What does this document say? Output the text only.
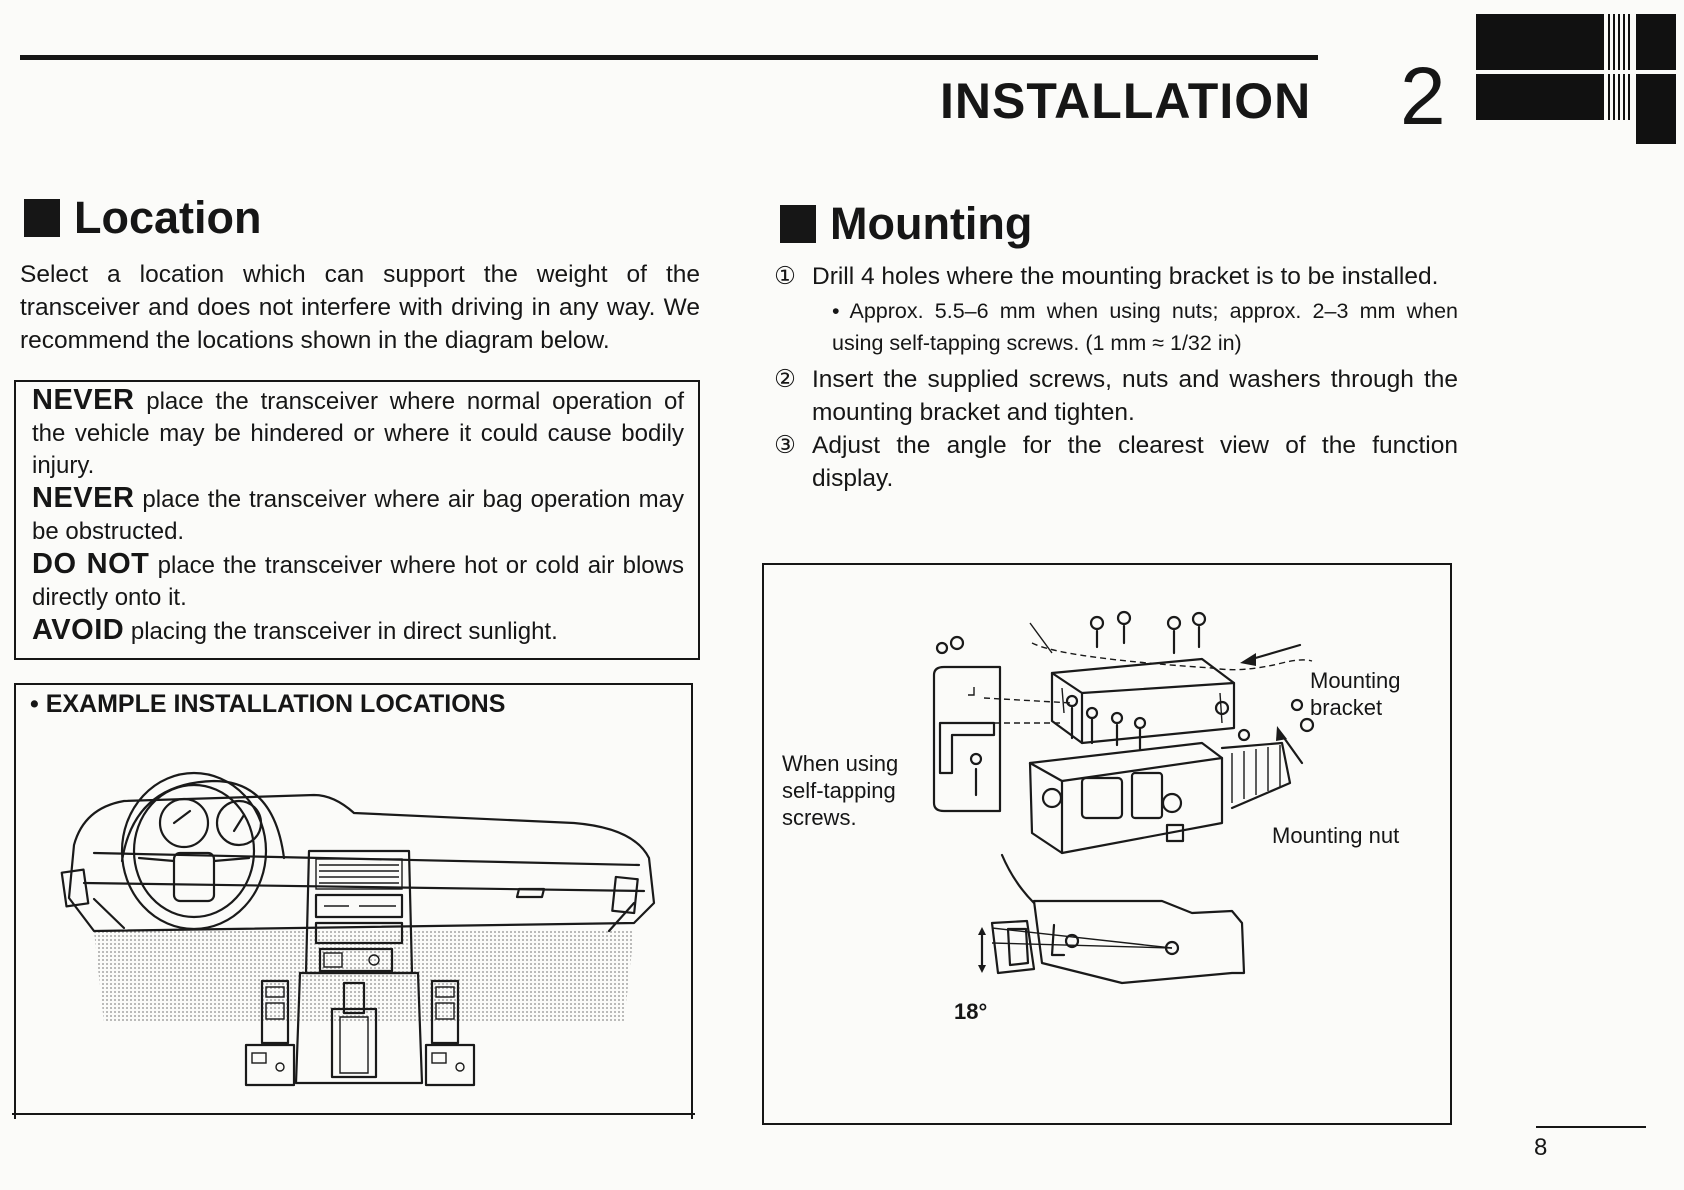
INSTALLATION 2
Location
Select a location which can support the weight of the transceiver and does not interfere with driving in any way. We recommend the locations shown in the diagram below.

NEVER place the transceiver where normal operation of the vehicle may be hindered or where it could cause bodily injury.

NEVER place the transceiver where air bag operation may be obstructed.

DO NOT place the transceiver where hot or cold air blows directly onto it.

AVOID placing the transceiver in direct sunlight.

• EXAMPLE INSTALLATION LOCATIONS
Mounting
① Drill 4 holes where the mounting bracket is to be installed.
• Approx. 5.5–6 mm when using nuts; approx. 2–3 mm when using self-tapping screws. (1 mm ≈ 1/32 in)
② Insert the supplied screws, nuts and washers through the mounting bracket and tighten.
③ Adjust the angle for the clearest view of the function display.
Mounting
bracket
Mounting nut
When using
self-tapping
screws.
18°
8
